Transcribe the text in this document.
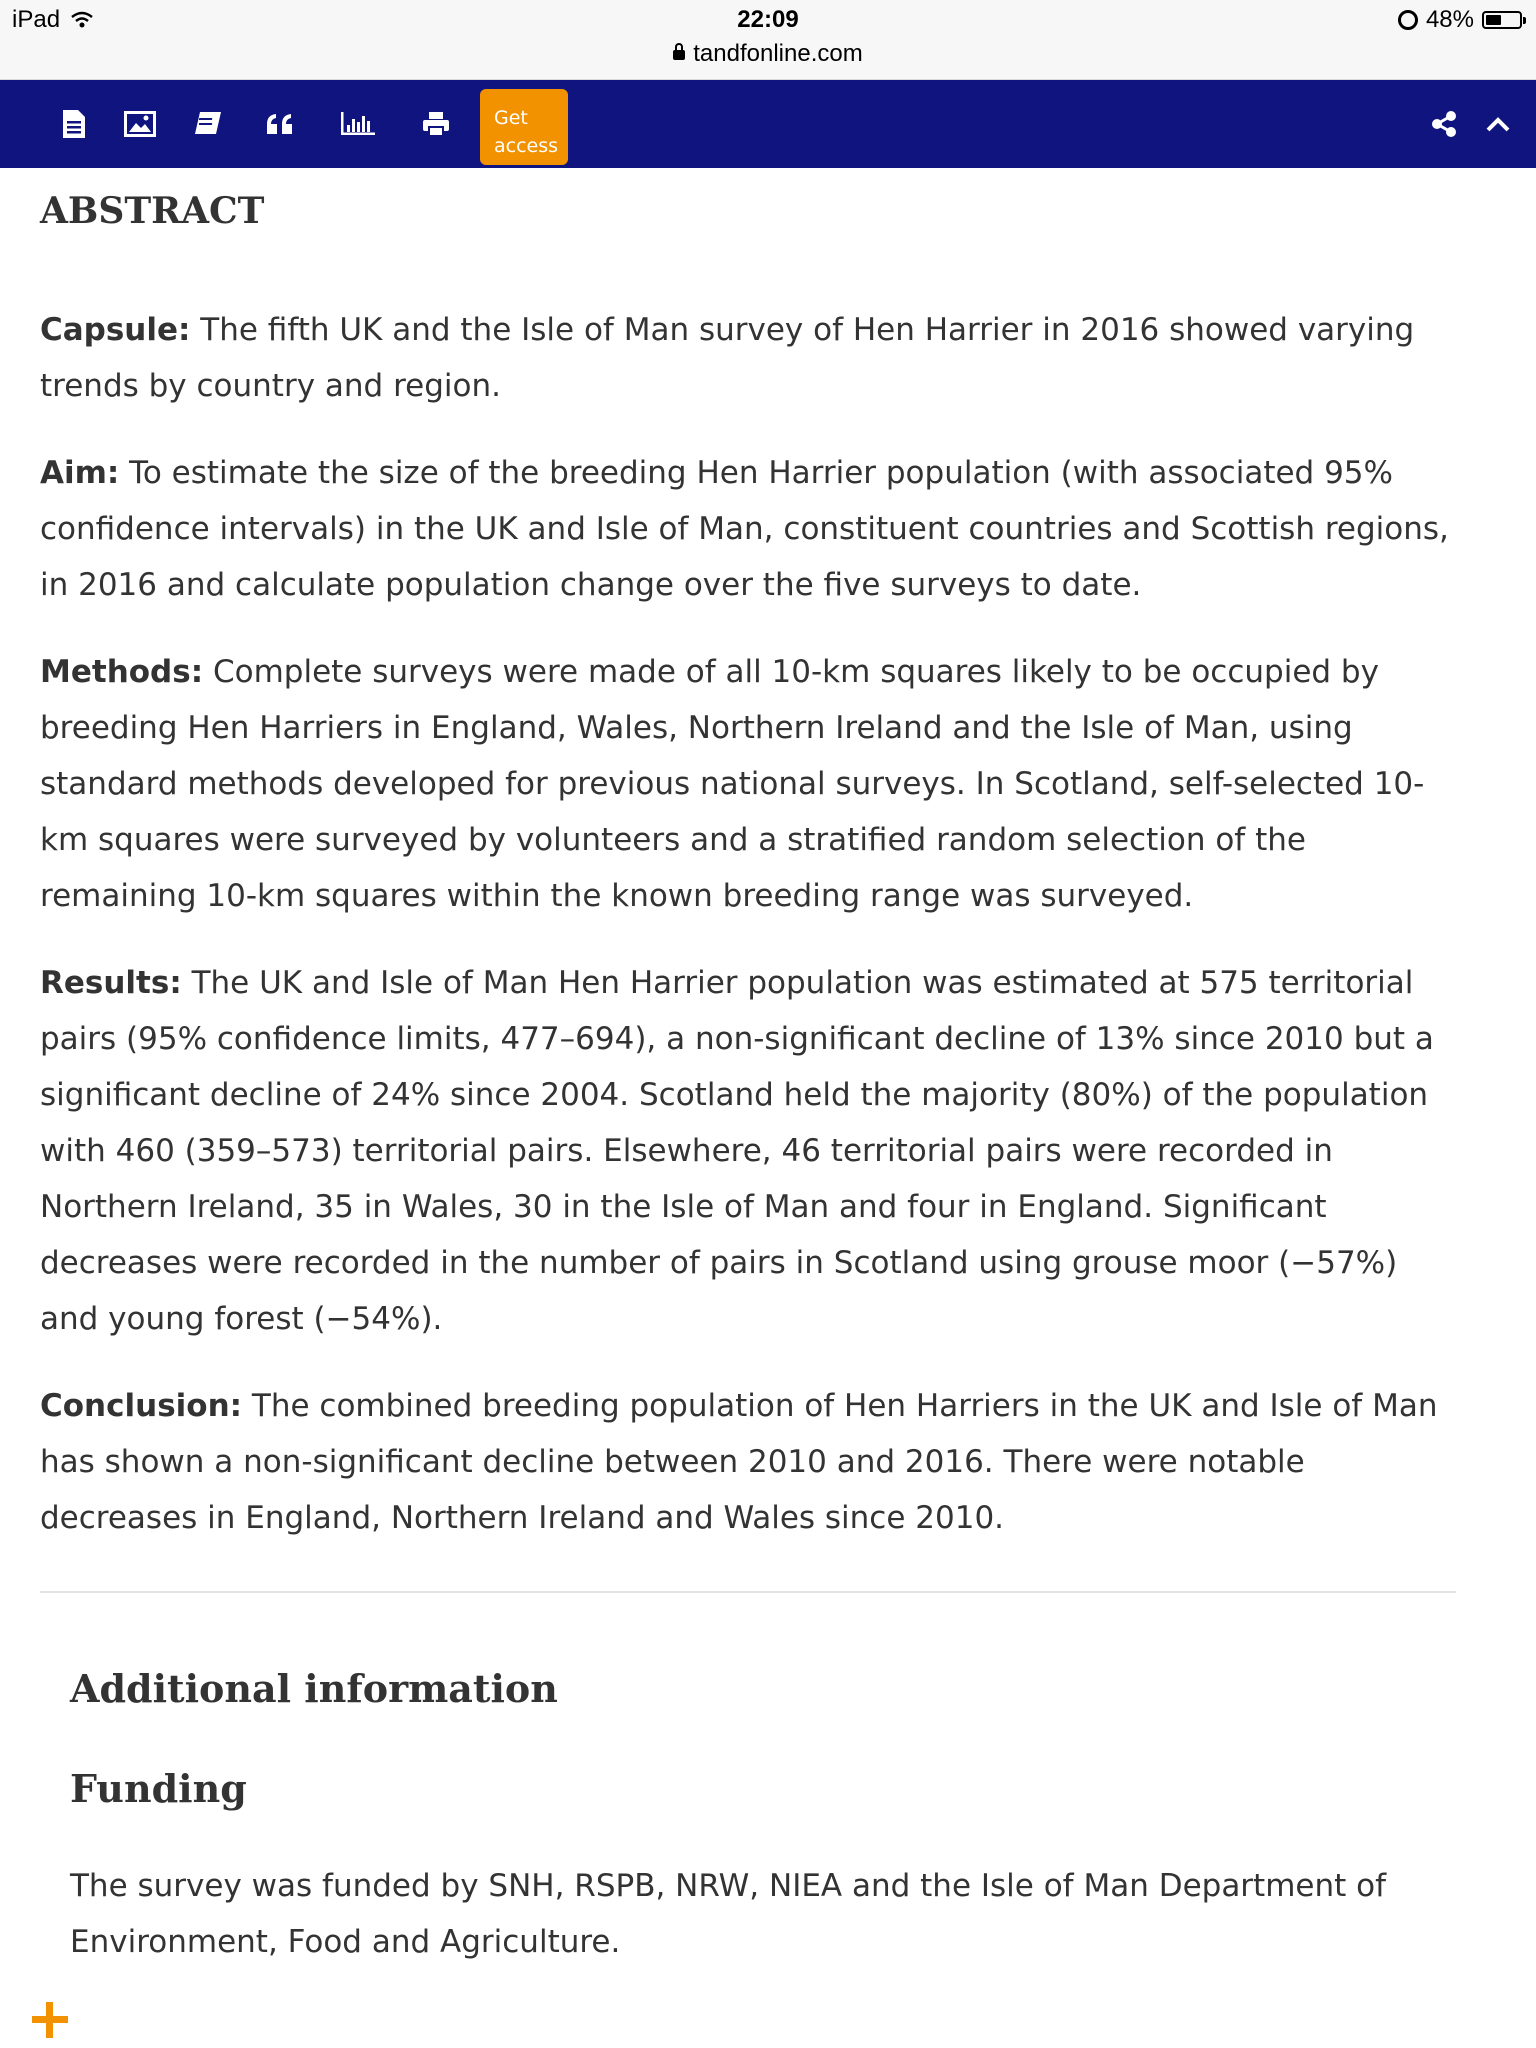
iPad	22:09
tandfonline.com
48%
Get
access
ABSTRACT

Capsule: The fifth UK and the Isle of Man survey of Hen Harrier in 2016 showed varying trends by country and region.

Aim: To estimate the size of the breeding Hen Harrier population (with associated 95% confidence intervals) in the UK and Isle of Man, constituent countries and Scottish regions, in 2016 and calculate population change over the five surveys to date.

Methods: Complete surveys were made of all 10-km squares likely to be occupied by breeding Hen Harriers in England, Wales, Northern Ireland and the Isle of Man, using standard methods developed for previous national surveys. In Scotland, self-selected 10-km squares were surveyed by volunteers and a stratified random selection of the remaining 10-km squares within the known breeding range was surveyed.

Results: The UK and Isle of Man Hen Harrier population was estimated at 575 territorial pairs (95% confidence limits, 477–694), a non-significant decline of 13% since 2010 but a significant decline of 24% since 2004. Scotland held the majority (80%) of the population with 460 (359–573) territorial pairs. Elsewhere, 46 territorial pairs were recorded in Northern Ireland, 35 in Wales, 30 in the Isle of Man and four in England. Significant decreases were recorded in the number of pairs in Scotland using grouse moor (−57%) and young forest (−54%).

Conclusion: The combined breeding population of Hen Harriers in the UK and Isle of Man has shown a non-significant decline between 2010 and 2016. There were notable decreases in England, Northern Ireland and Wales since 2010.

Additional information
Funding

The survey was funded by SNH, RSPB, NRW, NIEA and the Isle of Man Department of Environment, Food and Agriculture.
